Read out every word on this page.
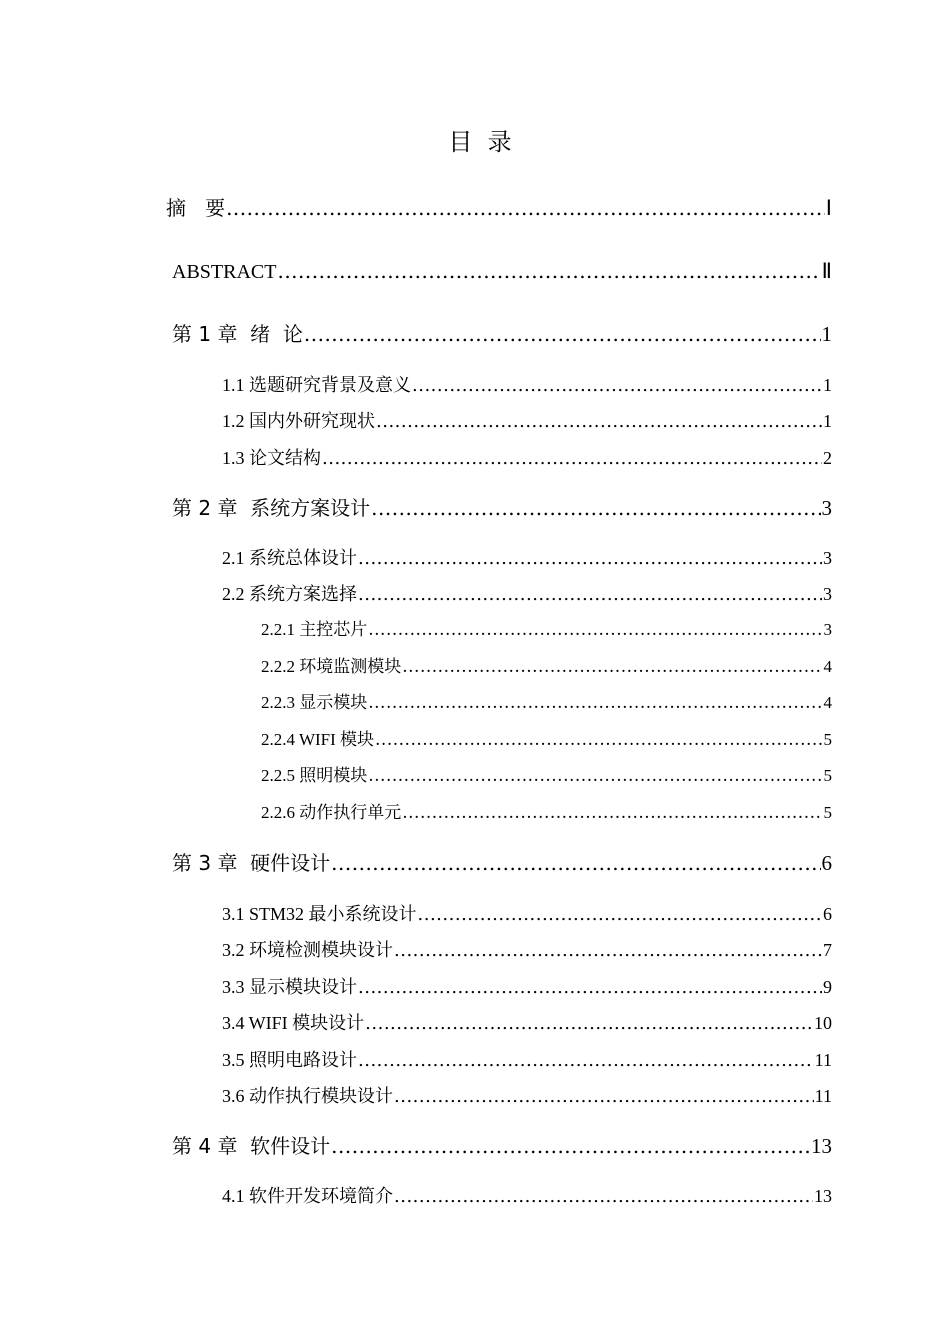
目  录
摘   要 .....	Ⅰ
ABSTRACT .....	Ⅱ
第 1 章  绪  论 .....	1
1.1 选题研究背景及意义 .....	1
1.2 国内外研究现状 .....	1
1.3 论文结构 .....	2
第 2 章  系统方案设计 .....	3
2.1 系统总体设计 .....	3
2.2 系统方案选择 .....	3
2.2.1 主控芯片 .....	3
2.2.2 环境监测模块 .....	4
2.2.3 显示模块 .....	4
2.2.4 WIFI 模块 .....	5
2.2.5 照明模块 .....	5
2.2.6 动作执行单元 .....	5
第 3 章  硬件设计 .....	6
3.1 STM32 最小系统设计 .....	6
3.2 环境检测模块设计 .....	7
3.3 显示模块设计 .....	9
3.4 WIFI 模块设计 .....	10
3.5 照明电路设计 .....	11
3.6 动作执行模块设计 .....	11
第 4 章  软件设计 .....	13
4.1 软件开发环境简介 .....	13
